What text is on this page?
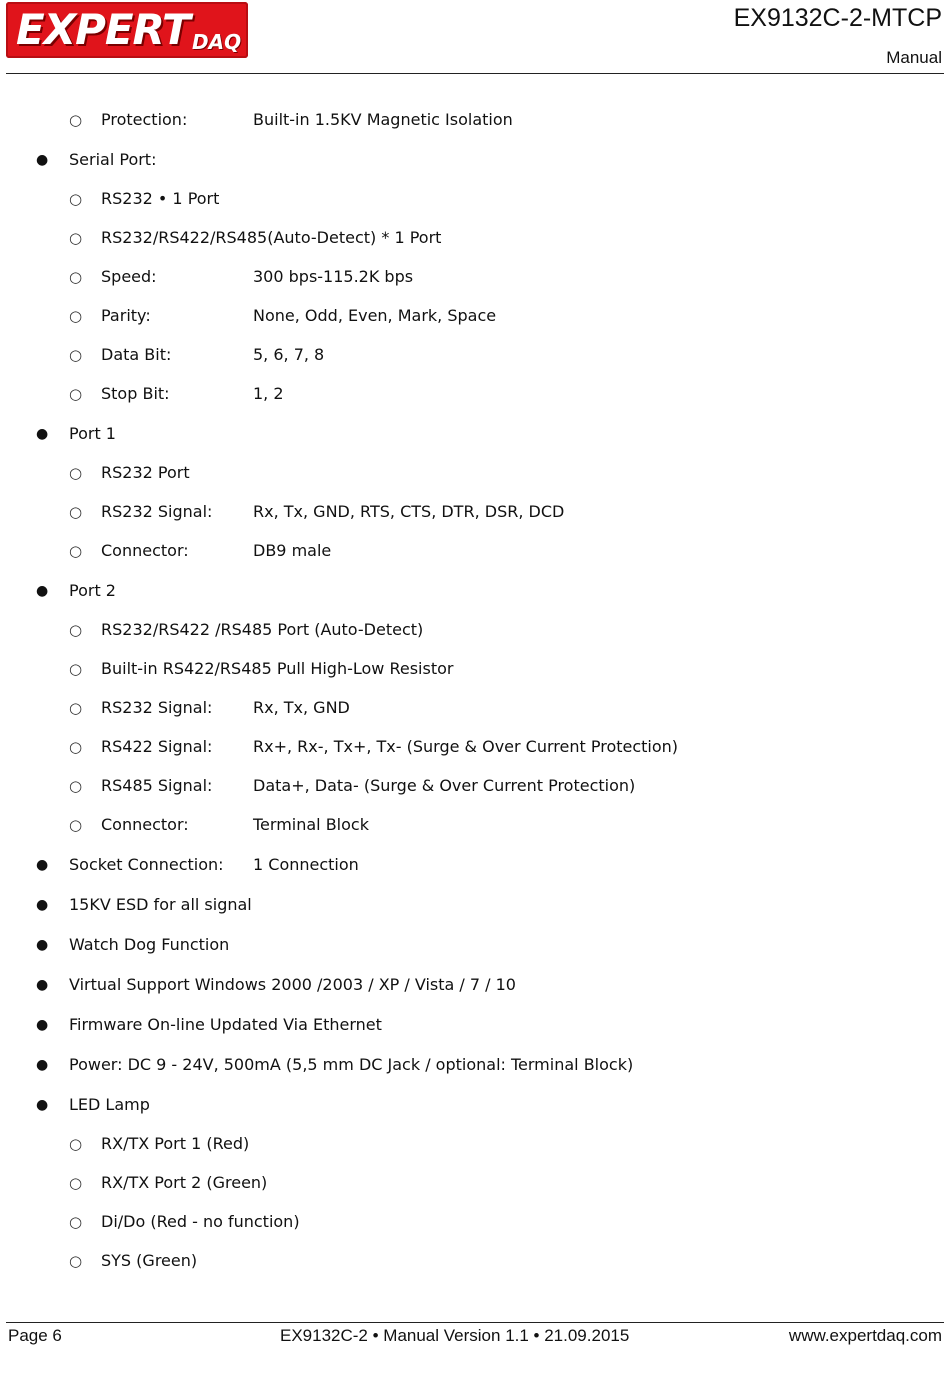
EXPERT DAQ
EX9132C-2-MTCP
Manual
○ Protection:	Built-in 1.5KV Magnetic Isolation
● Serial Port:
○ RS232 • 1 Port
○ RS232/RS422/RS485(Auto-Detect) * 1 Port
○ Speed:	300 bps-115.2K bps
○ Parity:	None, Odd, Even, Mark, Space
○ Data Bit:	5, 6, 7, 8
○ Stop Bit:	1, 2
● Port 1
○ RS232 Port
○ RS232 Signal:	Rx, Tx, GND, RTS, CTS, DTR, DSR, DCD
○ Connector:	DB9 male
● Port 2
○ RS232/RS422 /RS485 Port (Auto-Detect)
○ Built-in RS422/RS485 Pull High-Low Resistor
○ RS232 Signal:	Rx, Tx, GND
○ RS422 Signal:	Rx+, Rx-, Tx+, Tx- (Surge & Over Current Protection)
○ RS485 Signal:	Data+, Data- (Surge & Over Current Protection)
○ Connector:	Terminal Block
● Socket Connection: 1 Connection
● 15KV ESD for all signal
● Watch Dog Function
● Virtual Support Windows 2000 /2003 / XP / Vista / 7 / 10
● Firmware On-line Updated Via Ethernet
● Power: DC 9 - 24V, 500mA (5,5 mm DC Jack / optional: Terminal Block)
● LED Lamp
○ RX/TX Port 1 (Red)
○ RX/TX Port 2 (Green)
○ Di/Do (Red - no function)
○ SYS (Green)
Page 6	EX9132C-2 • Manual Version 1.1 • 21.09.2015	www.expertdaq.com
